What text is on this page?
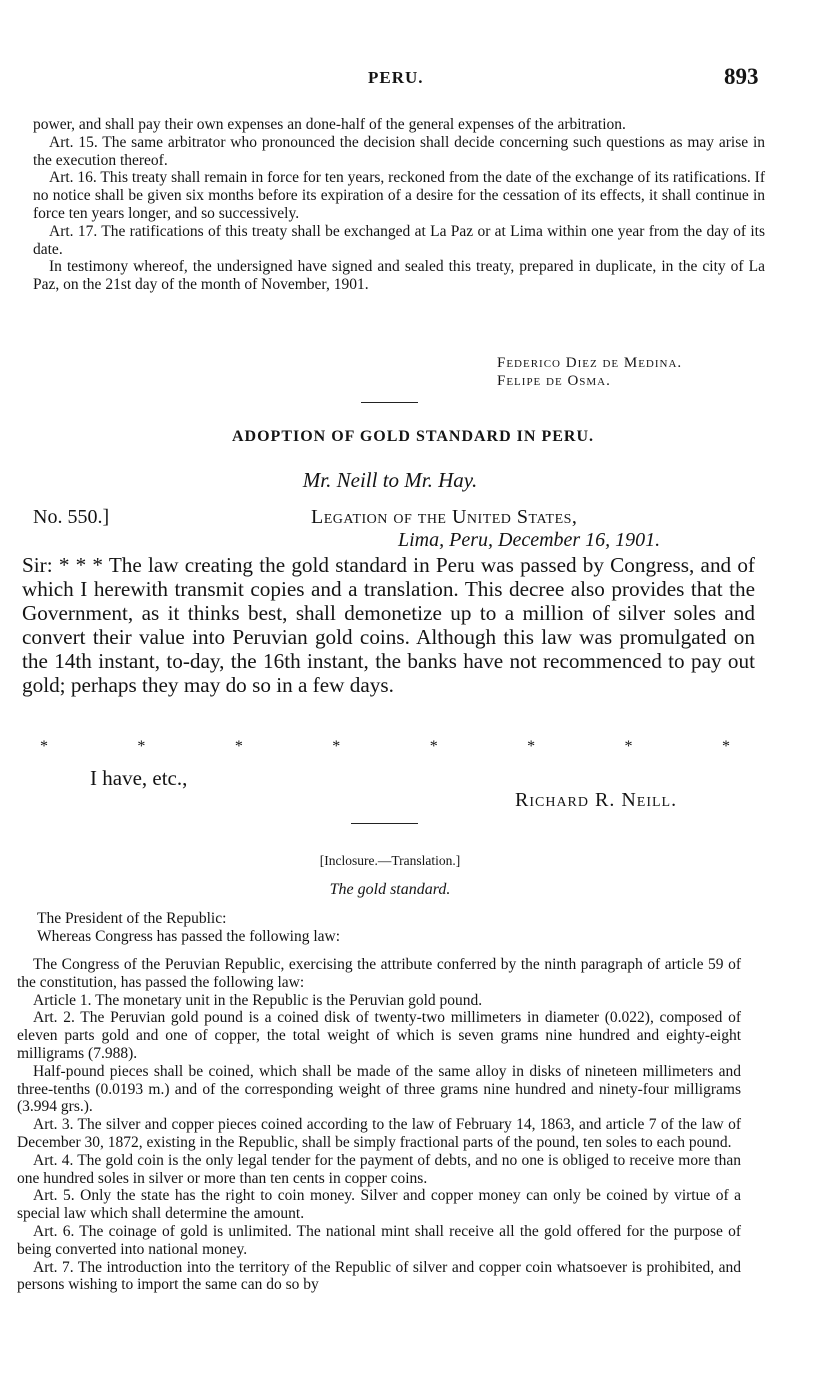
PERU.	893

power, and shall pay their own expenses an done-half of the general expenses of the arbitration.

Art. 15. The same arbitrator who pronounced the decision shall decide concerning such questions as may arise in the execution thereof.

Art. 16. This treaty shall remain in force for ten years, reckoned from the date of the exchange of its ratifications. If no notice shall be given six months before its expiration of a desire for the cessation of its effects, it shall continue in force ten years longer, and so successively.

Art. 17. The ratifications of this treaty shall be exchanged at La Paz or at Lima within one year from the day of its date.

In testimony whereof, the undersigned have signed and sealed this treaty, prepared in duplicate, in the city of La Paz, on the 21st day of the month of November, 1901.

Federico Diez de Medina.
Felipe de Osma.
ADOPTION OF GOLD STANDARD IN PERU.
Mr. Neill to Mr. Hay.
No. 550.]	Legation of the United States,
Lima, Peru, December 16, 1901.

Sir: * * * The law creating the gold standard in Peru was passed by Congress, and of which I herewith transmit copies and a translation. This decree also provides that the Government, as it thinks best, shall demonetize up to a million of silver soles and convert their value into Peruvian gold coins. Although this law was promulgated on the 14th instant, to-day, the 16th instant, the banks have not recommenced to pay out gold; perhaps they may do so in a few days.

*	*	*	*	*	*	*	*
I have, etc.,
Richard R. Neill.
[Inclosure.—Translation.]
The gold standard.

The President of the Republic:

Whereas Congress has passed the following law:

The Congress of the Peruvian Republic, exercising the attribute conferred by the ninth paragraph of article 59 of the constitution, has passed the following law:

Article 1. The monetary unit in the Republic is the Peruvian gold pound.

Art. 2. The Peruvian gold pound is a coined disk of twenty-two millimeters in diameter (0.022), composed of eleven parts gold and one of copper, the total weight of which is seven grams nine hundred and eighty-eight milligrams (7.988).

Half-pound pieces shall be coined, which shall be made of the same alloy in disks of nineteen millimeters and three-tenths (0.0193 m.) and of the corresponding weight of three grams nine hundred and ninety-four milligrams (3.994 grs.).

Art. 3. The silver and copper pieces coined according to the law of February 14, 1863, and article 7 of the law of December 30, 1872, existing in the Republic, shall be simply fractional parts of the pound, ten soles to each pound.

Art. 4. The gold coin is the only legal tender for the payment of debts, and no one is obliged to receive more than one hundred soles in silver or more than ten cents in copper coins.

Art. 5. Only the state has the right to coin money. Silver and copper money can only be coined by virtue of a special law which shall determine the amount.

Art. 6. The coinage of gold is unlimited. The national mint shall receive all the gold offered for the purpose of being converted into national money.

Art. 7. The introduction into the territory of the Republic of silver and copper coin whatsoever is prohibited, and persons wishing to import the same can do so by
